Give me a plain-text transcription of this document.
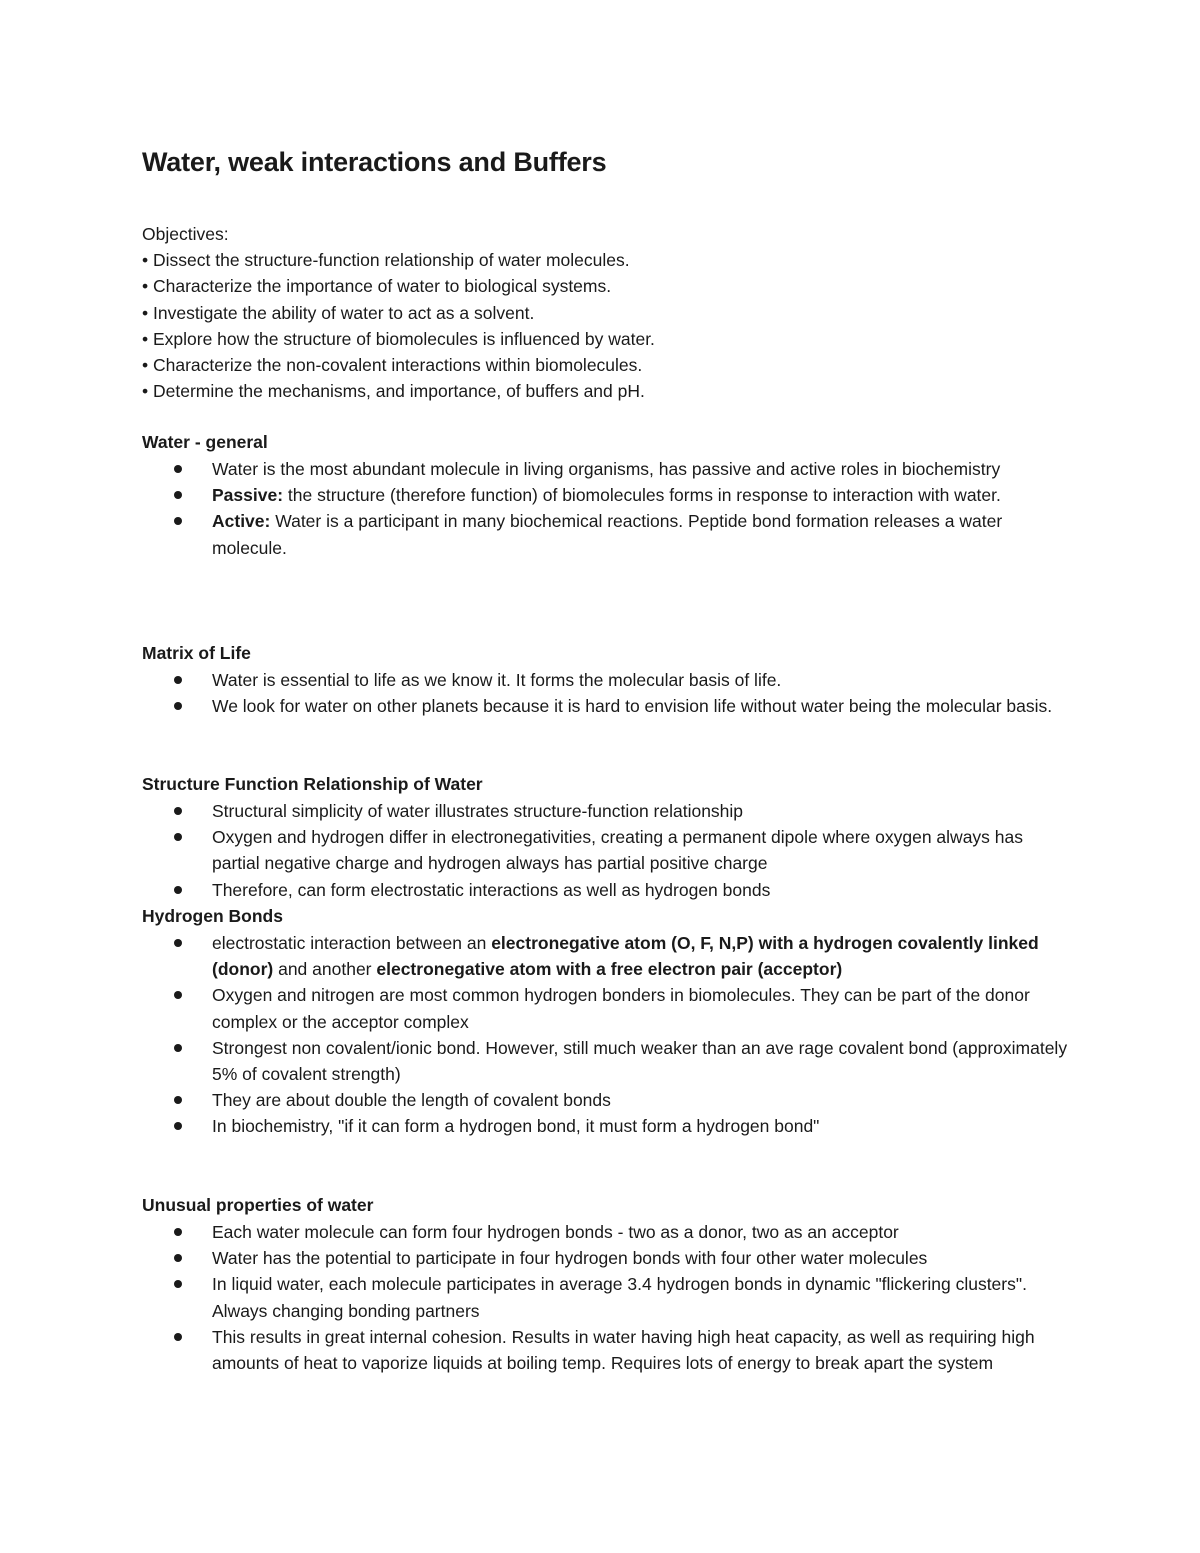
Water, weak interactions and Buffers
Objectives:
• Dissect the structure-function relationship of water molecules.
• Characterize the importance of water to biological systems.
• Investigate the ability of water to act as a solvent.
• Explore how the structure of biomolecules is influenced by water.
• Characterize the non-covalent interactions within biomolecules.
• Determine the mechanisms, and importance, of buffers and pH.
Water - general
Water is the most abundant molecule in living organisms, has passive and active roles in biochemistry
Passive: the structure (therefore function) of biomolecules forms in response to interaction with water.
Active: Water is a participant in many biochemical reactions. Peptide bond formation releases a water molecule.
Matrix of Life
Water is essential to life as we know it. It forms the molecular basis of life.
We look for water on other planets because it is hard to envision life without water being the molecular basis.
Structure Function Relationship of Water
Structural simplicity of water illustrates structure-function relationship
Oxygen and hydrogen differ in electronegativities, creating a permanent dipole where oxygen always has partial negative charge and hydrogen always has partial positive charge
Therefore, can form electrostatic interactions as well as hydrogen bonds
Hydrogen Bonds
electrostatic interaction between an electronegative atom (O, F, N,P) with a hydrogen covalently linked (donor) and another electronegative atom with a free electron pair (acceptor)
Oxygen and nitrogen are most common hydrogen bonders in biomolecules. They can be part of the donor complex or the acceptor complex
Strongest non covalent/ionic bond. However, still much weaker than an ave rage covalent bond (approximately 5% of covalent strength)
They are about double the length of covalent bonds
In biochemistry, "if it can form a hydrogen bond, it must form a hydrogen bond"
Unusual properties of water
Each water molecule can form four hydrogen bonds - two as a donor, two as an acceptor
Water has the potential to participate in four hydrogen bonds with four other water molecules
In liquid water, each molecule participates in average 3.4 hydrogen bonds in dynamic "flickering clusters". Always changing bonding partners
This results in great internal cohesion. Results in water having high heat capacity, as well as requiring high amounts of heat to vaporize liquids at boiling temp. Requires lots of energy to break apart the system
